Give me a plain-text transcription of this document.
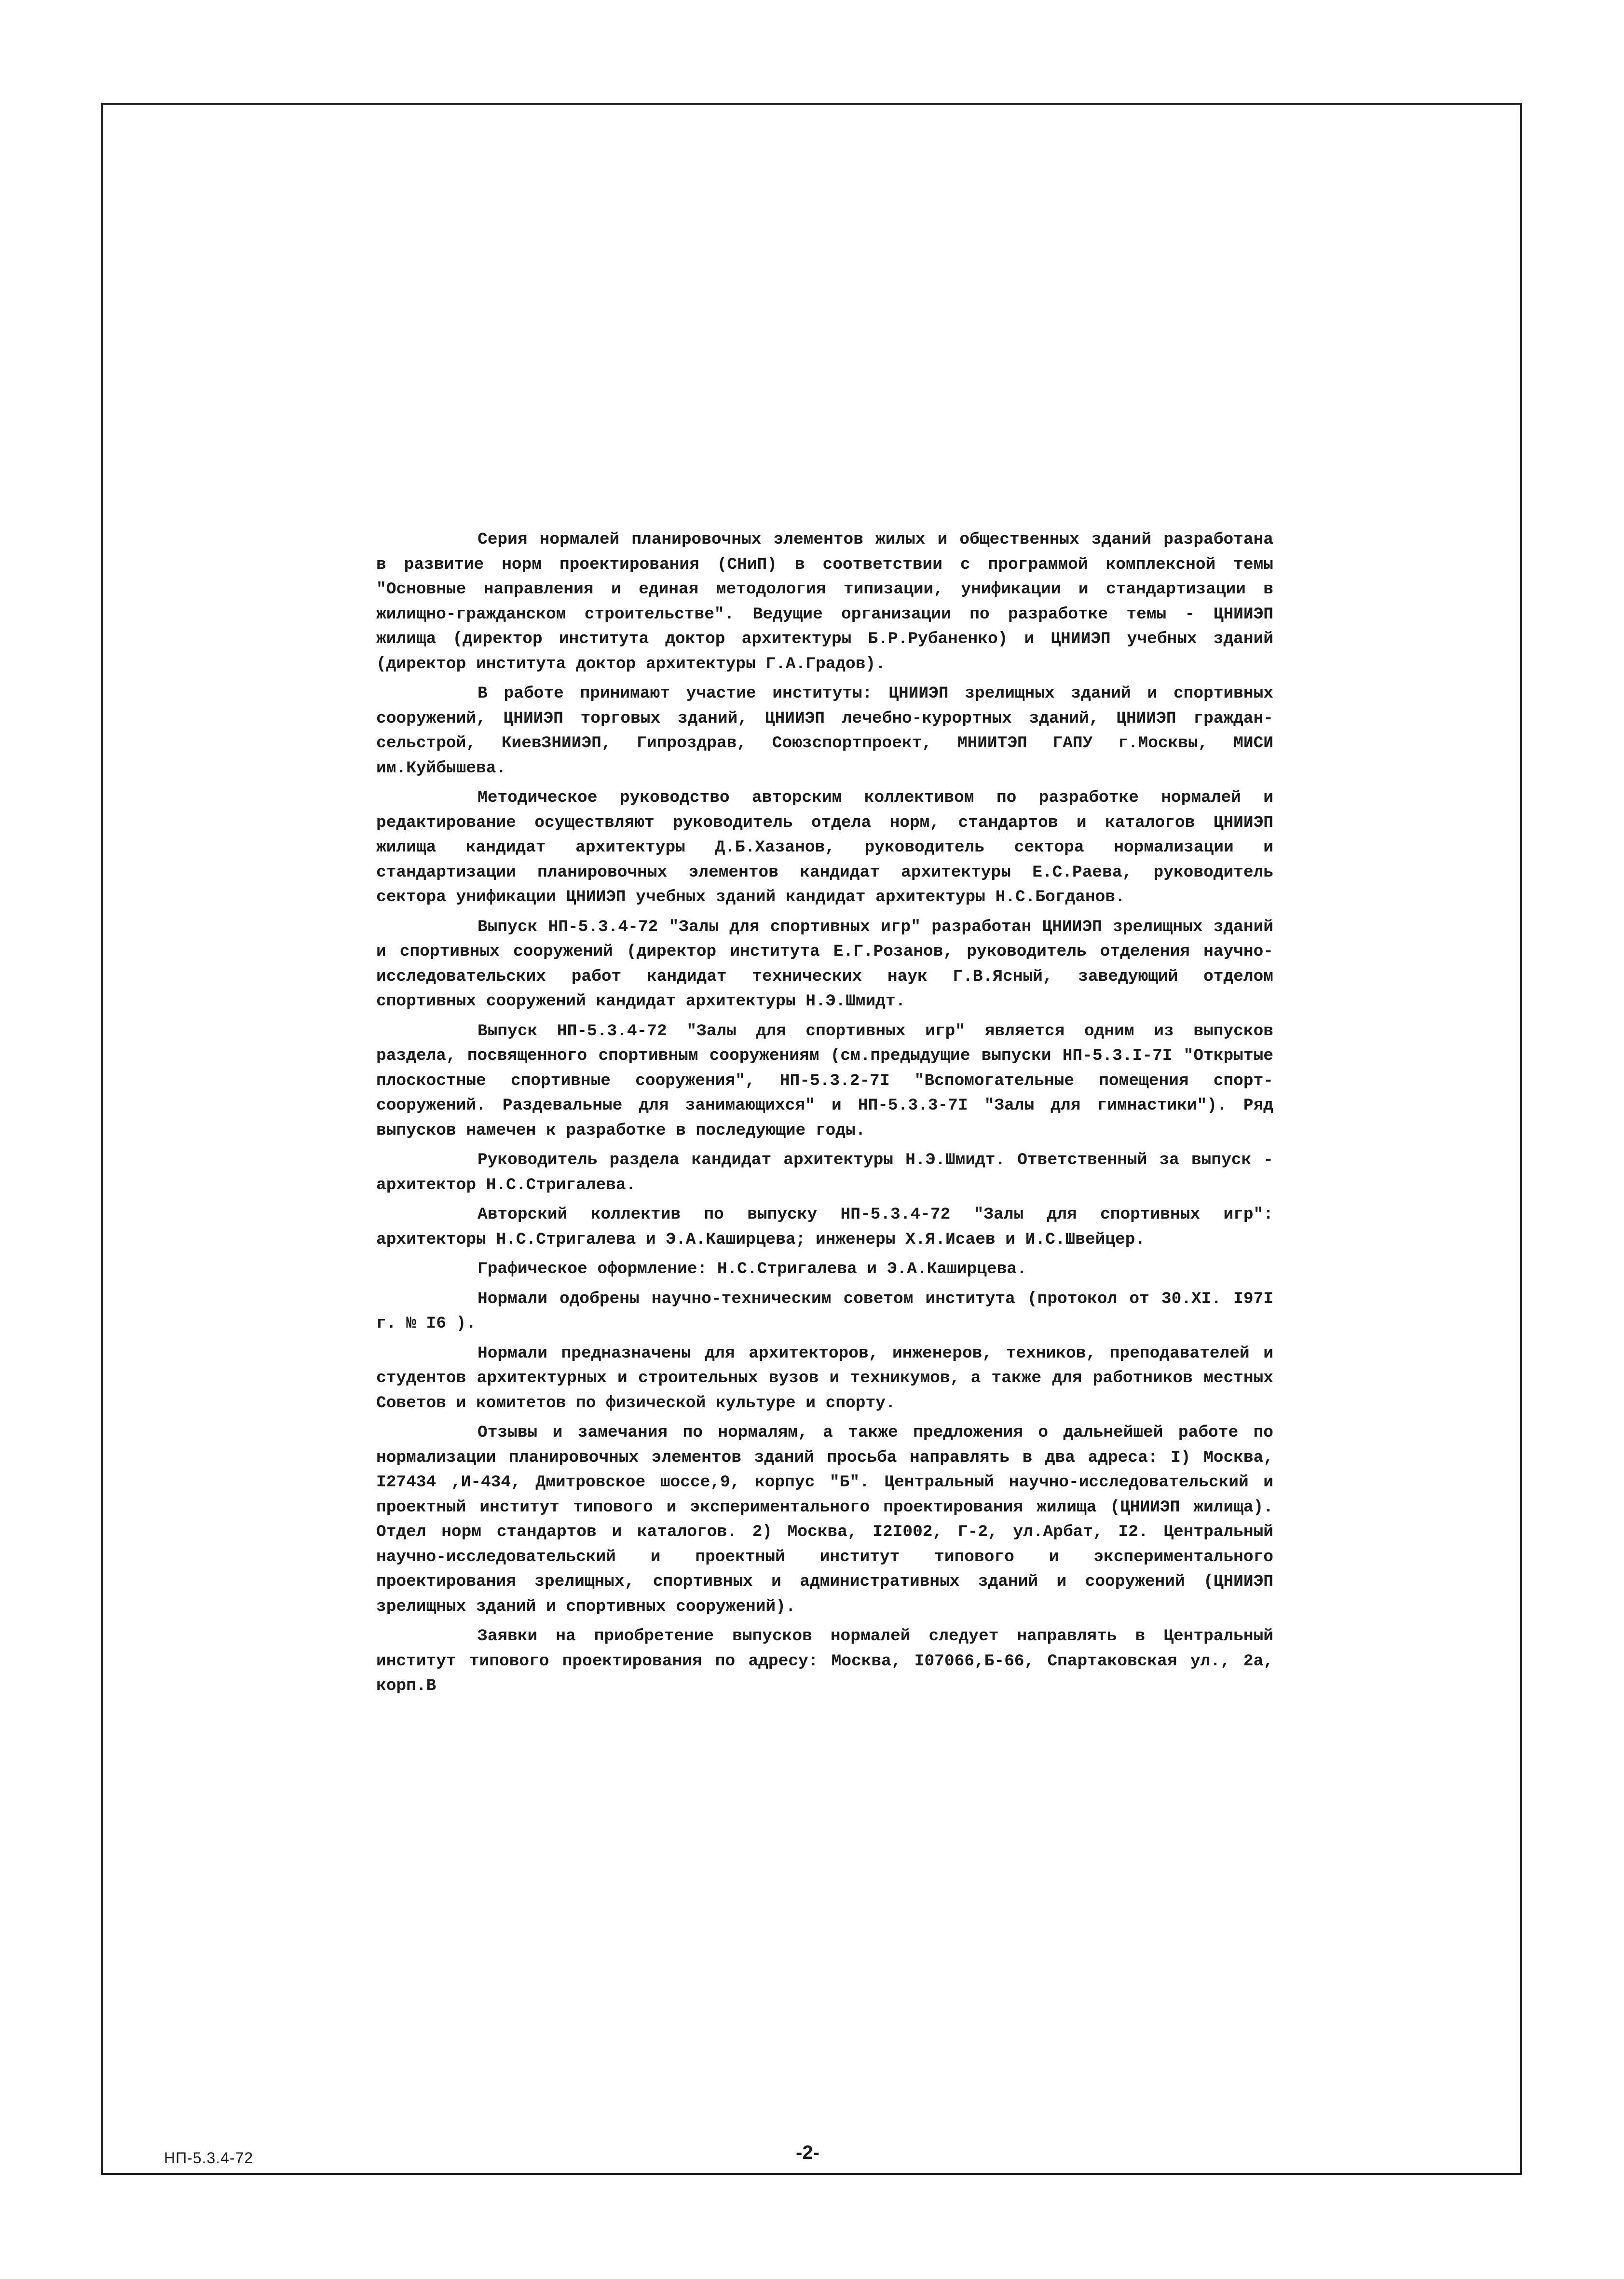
Серия нормалей планировочных элементов жилых и общественных зданий разработана в развитие норм проектирования (СНиП) в соответствии с программой комплексной темы "Основные направления и единая методология типизации, унификации и стандартизации в жилищно-гражданском строительстве". Ведущие организации по разработке темы - ЦНИИЭП жилища (директор института доктор архитектуры Б.Р.Рубаненко) и ЦНИИЭП учебных зданий (директор института доктор архитектуры Г.А.Градов).

В работе принимают участие институты: ЦНИИЭП зрелищных зданий и спортивных сооружений, ЦНИИЭП торговых зданий, ЦНИИЭП лечебно-курортных зданий, ЦНИИЭП граждан-сельстрой, КиевЗНИИЭП, Гипроздрав, Союзспортпроект, МНИИТЭП ГАПУ г.Москвы, МИСИ им.Куйбышева.

Методическое руководство авторским коллективом по разработке нормалей и редактирование осуществляют руководитель отдела норм, стандартов и каталогов ЦНИИЭП жилища кандидат архитектуры Д.Б.Хазанов, руководитель сектора нормализации и стандартизации планировочных элементов кандидат архитектуры Е.С.Раева, руководитель сектора унификации ЦНИИЭП учебных зданий кандидат архитектуры Н.С.Богданов.

Выпуск НП-5.3.4-72 "Залы для спортивных игр" разработан ЦНИИЭП зрелищных зданий и спортивных сооружений (директор института Е.Г.Розанов, руководитель отделения научно-исследовательских работ кандидат технических наук Г.В.Ясный, заведующий отделом спортивных сооружений кандидат архитектуры Н.Э.Шмидт.

Выпуск НП-5.3.4-72 "Залы для спортивных игр" является одним из выпусков раздела, посвященного спортивным сооружениям (см.предыдущие выпуски НП-5.3.I-7I "Открытые плоскостные спортивные сооружения", НП-5.3.2-7I "Вспомогательные помещения спорт-сооружений. Раздевальные для занимающихся" и НП-5.3.3-7I "Залы для гимнастики"). Ряд выпусков намечен к разработке в последующие годы.

Руководитель раздела кандидат архитектуры Н.Э.Шмидт. Ответственный за выпуск - архитектор Н.С.Стригалева.

Авторский коллектив по выпуску НП-5.3.4-72 "Залы для спортивных игр": архитекторы Н.С.Стригалева и Э.А.Каширцева; инженеры Х.Я.Исаев и И.С.Швейцер.

Графическое оформление: Н.С.Стригалева и Э.А.Каширцева.

Нормали одобрены научно-техническим советом института (протокол от 30.XI. I97I г. № I6 ).

Нормали предназначены для архитекторов, инженеров, техников, преподавателей и студентов архитектурных и строительных вузов и техникумов, а также для работников местных Советов и комитетов по физической культуре и спорту.

Отзывы и замечания по нормалям, а также предложения о дальнейшей работе по нормализации планировочных элементов зданий просьба направлять в два адреса: I) Москва, I27434 ,И-434, Дмитровское шоссе,9, корпус "Б". Центральный научно-исследовательский и проектный институт типового и экспериментального проектирования жилища (ЦНИИЭП жилища). Отдел норм стандартов и каталогов. 2) Москва, I2I002, Г-2, ул.Арбат, I2. Центральный научно-исследовательский и проектный институт типового и экспериментального проектирования зрелищных, спортивных и административных зданий и сооружений (ЦНИИЭП зрелищных зданий и спортивных сооружений).

Заявки на приобретение выпусков нормалей следует направлять в Центральный институт типового проектирования по адресу: Москва, I07066,Б-66, Спартаковская ул., 2а, корп.В

НП-5.3.4-72	-2-
